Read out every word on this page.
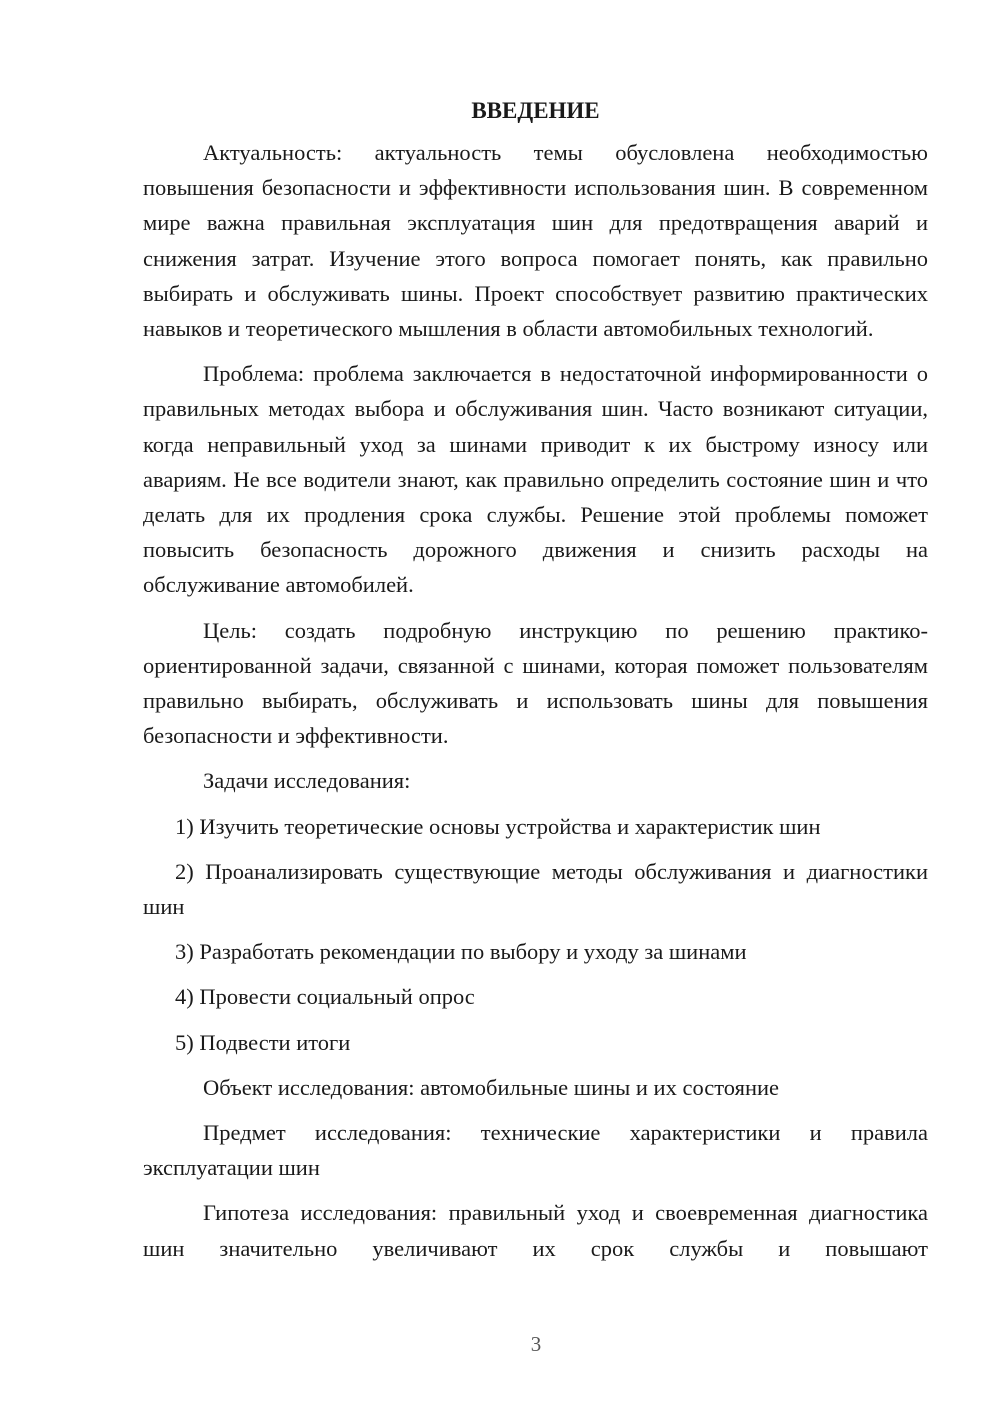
ВВЕДЕНИЕ

Актуальность: актуальность темы обусловлена необходимостью повышения безопасности и эффективности использования шин. В современном мире важна правильная эксплуатация шин для предотвращения аварий и снижения затрат. Изучение этого вопроса помогает понять, как правильно выбирать и обслуживать шины. Проект способствует развитию практических навыков и теоретического мышления в области автомобильных технологий.

Проблема: проблема заключается в недостаточной информированности о правильных методах выбора и обслуживания шин. Часто возникают ситуации, когда неправильный уход за шинами приводит к их быстрому износу или авариям. Не все водители знают, как правильно определить состояние шин и что делать для их продления срока службы. Решение этой проблемы поможет повысить безопасность дорожного движения и снизить расходы на обслуживание автомобилей.

Цель: создать подробную инструкцию по решению практико-ориентированной задачи, связанной с шинами, которая поможет пользователям правильно выбирать, обслуживать и использовать шины для повышения безопасности и эффективности.

Задачи исследования:

1) Изучить теоретические основы устройства и характеристик шин

2) Проанализировать существующие методы обслуживания и диагностики шин

3) Разработать рекомендации по выбору и уходу за шинами

4) Провести социальный опрос

5) Подвести итоги

Объект исследования: автомобильные шины и их состояние

Предмет исследования: технические характеристики и правила эксплуатации шин

Гипотеза исследования: правильный уход и своевременная диагностика шин значительно увеличивают их срок службы и повышают

3
